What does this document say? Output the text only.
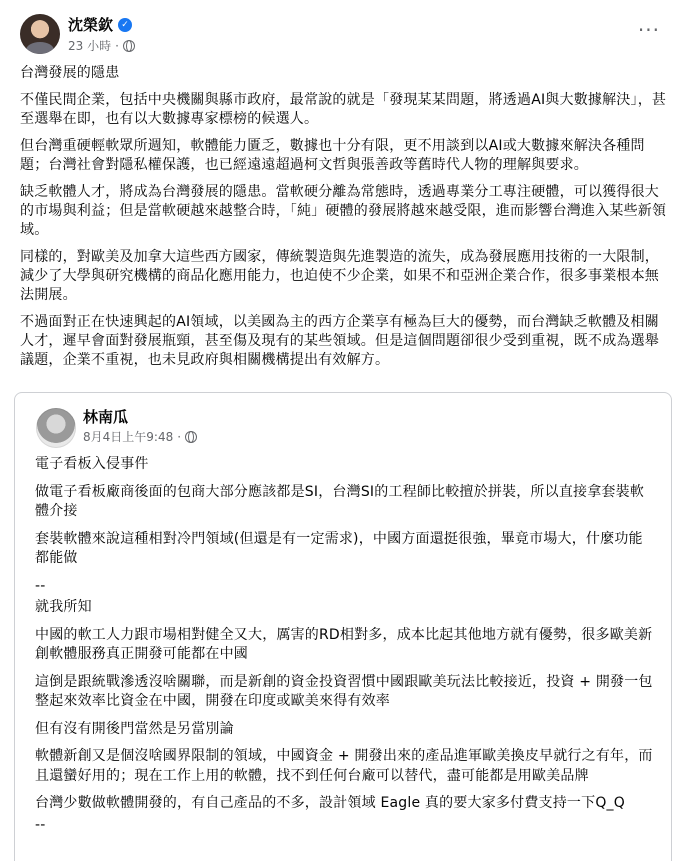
沈榮欽 ✓
23 小時 ·
···

台灣發展的隱患

不僅民間企業，包括中央機關與縣市政府，最常說的就是「發現某某問題，將透過AI與大數據解決」，甚至選舉在即，也有以大數據專家標榜的候選人。

但台灣重硬輕軟眾所週知，軟體能力匱乏，數據也十分有限，更不用談到以AI或大數據來解決各種問題；台灣社會對隱私權保護，也已經遠遠超過柯文哲與張善政等舊時代人物的理解與要求。

缺乏軟體人才，將成為台灣發展的隱患。當軟硬分離為常態時，透過專業分工專注硬體，可以獲得很大的市場與利益；但是當軟硬越來越整合時，「純」硬體的發展將越來越受限，進而影響台灣進入某些新領域。

同樣的，對歐美及加拿大這些西方國家，傳統製造與先進製造的流失，成為發展應用技術的一大限制，減少了大學與研究機構的商品化應用能力，也迫使不少企業，如果不和亞洲企業合作，很多事業根本無法開展。

不過面對正在快速興起的AI領域，以美國為主的西方企業享有極為巨大的優勢，而台灣缺乏軟體及相關人才，遲早會面對發展瓶頸，甚至傷及現有的某些領域。但是這個問題卻很少受到重視，既不成為選舉議題，企業不重視，也未見政府與相關機構提出有效解方。

林南瓜
8月4日上午9:48 ·

電子看板入侵事件

做電子看板廠商後面的包商大部分應該都是SI，台灣SI的工程師比較擅於拼裝，所以直接拿套裝軟體介接

套裝軟體來說這種相對冷門領域(但還是有一定需求)，中國方面還挺很強，畢竟市場大，什麼功能都能做

--

就我所知

中國的軟工人力跟市場相對健全又大，厲害的RD相對多，成本比起其他地方就有優勢，很多歐美新創軟體服務真正開發可能都在中國

這倒是跟統戰滲透沒啥關聯，而是新創的資金投資習慣中國跟歐美玩法比較接近，投資 + 開發一包整起來效率比資金在中國，開發在印度或歐美來得有效率

但有沒有開後門當然是另當別論

軟體新創又是個沒啥國界限制的領域，中國資金 + 開發出來的產品進軍歐美換皮早就行之有年，而且還蠻好用的；現在工作上用的軟體，找不到任何台廠可以替代，盡可能都是用歐美品牌

台灣少數做軟體開發的，有自己產品的不多，設計領域 Eagle 真的要大家多付費支持一下Q_Q

--
